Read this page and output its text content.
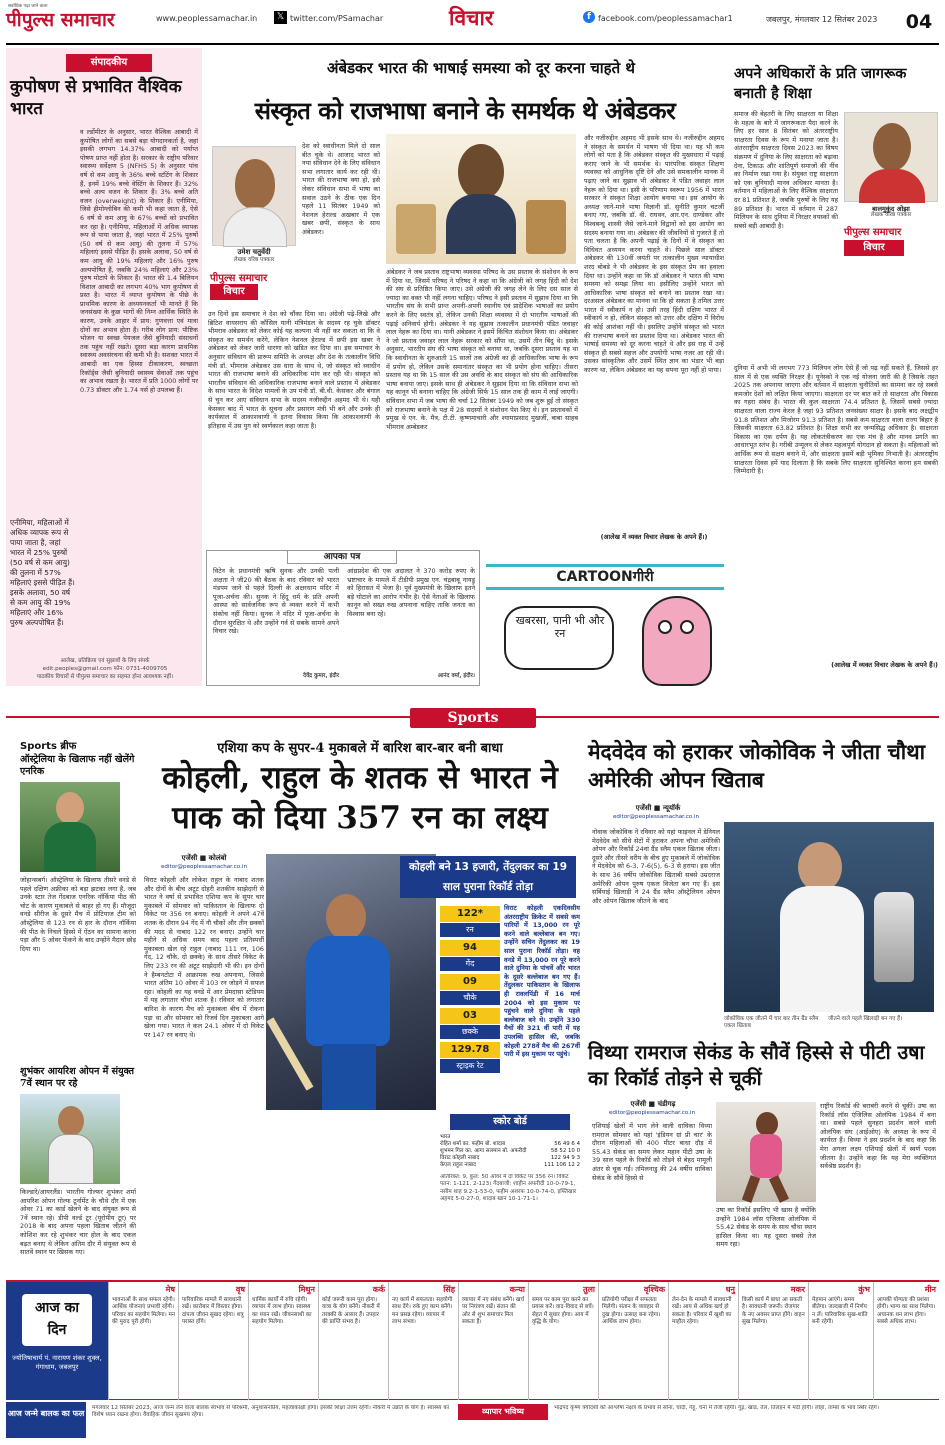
पीपुल्स समाचार
सर्वाधिक पढ़ा जाने वाला
www.peoplessamachar.in	𝕏 twitter.com/PSamachar	विचार	f facebook.com/peoplessamachar1	जबलपुर, मंगलवार 12 सितंबर 2023	04
संपादकीय
कुपोषण से प्रभावित वैश्विक भारत
व र्ल्डोमीटर के अनुसार, भारत वैश्विक आबादी में कुपोषित लोगों का सबसे बड़ा योगदानकर्ता है, जहां इसकी लगभग 14.37% आबादी को पर्याप्त पोषण प्राप्त नहीं होता है। सरकार के राष्ट्रीय परिवार स्वास्थ्य सर्वेक्षण 5 (NFHS 5) के अनुसार पांच वर्ष से कम आयु के 36% बच्चे स्टंटिंग के शिकार हैं, इनमें 19% बच्चे वेस्टिंग के शिकार हैं। 32% बच्चे अल्प वजन के शिकार हैं। 3% बच्चे अति वजन (overweight) के शिकार हैं। एनीमिया, जिसे हीमोग्लोबिन की कमी भी कहा जाता है, ऐसे 6 वर्ष से कम आयु के 67% बच्चों को प्रभावित कर रहा है। एनीमिया, महिलाओं में अधिक व्यापक रूप से पाया जाता है, जहां भारत में 25% पुरुषों (50 वर्ष से कम आयु) की तुलना में 57% महिलाएं इससे पीड़ित हैं। इसके अलावा, 50 वर्ष से कम आयु की 19% महिलाएं और 16% पुरुष अल्पपोषित हैं, जबकि 24% महिलाएं और 23% पुरुष मोटापे के शिकार हैं। भारत की 1.4 बिलियन विशाल आबादी का लगभग 40% भाग कुपोषण से प्रस्त है। भारत में व्याप्त कुपोषण के पीछे के प्राथमिक कारण के अध्ययनकर्ता भी मानते हैं कि जनसंख्या के कुछ भागों की निम्न आर्थिक स्थिति के कारण, उनके आहार में प्राय: गुणवत्ता एवं मात्रा दोनों का अभाव होता है। गरीब लोग प्राय: पौष्टिक भोजन या स्वच्छ पेयजल जैसे बुनियादी संसाधनों तक पहुंच नहीं रखते। दूसरा बड़ा कारण प्राथमिक स्वास्थ्य अवसंरचना की कमी भी है। सशक्त भारत में आबादी का एक हिस्सा टीकाकरण, स्वच्छता रिकॉर्ड्स जैसी बुनियादी स्वास्थ्य सेवाओं तक पहुंच का अभाव रखता है। भारत में प्रति 1000 लोगों पर 0.73 डॉक्टर और 1.74 नर्स हो उपलब्ध हैं।
एनीमिया, महिलाओं में अधिक व्यापक रूप से पाया जाता है, जहां भारत में 25% पुरुषों (50 वर्ष से कम आयु) की तुलना में 57% महिलाएं इससे पीड़ित हैं। इसके अलावा, 50 वर्ष से कम आयु की 19% महिलाएं और 16% पुरुष अल्पपोषित हैं।
आलेख, प्रतिक्रिया एवं सुझावों के लिए संपर्क
edit.peoples@gmail.com फोन: 0731-4009705
पाठकीय विचारों से पीपुल्स समाचार का सहमत होना आवश्यक नहीं।
अंबेडकर भारत की भाषाई समस्या को दूर करना चाहते थे
संस्कृत को राजभाषा बनाने के समर्थक थे अंबेडकर
उमेश चतुर्वेदी
लेखक वरिष्ठ पत्रकार
पीपुल्स समाचार
विचार
देश को स्वाधीनता मिले दो साल बीत चुके थे। आजाद भारत को नया संविधान देने के लिए संविधान सभा लगातार कार्य कर रही थी। भारत की राजभाषा क्या हो, इसे लेकर संविधान सभा में भाषा का सवाल उठने के ठीक एक दिन पहले 11 सितंबर 1949 को नेशनल हेराल्ड अखबार में एक खबर छपी, संस्कृत के साथ अंबेडकर।
उन दिनों इस समाचार ने देश को चौंका दिया था। अंग्रेजी पढ़े-लिखे और ब्रिटिश वायसराय की कौंसिल यानी मंत्रिमंडल के सदस्य रह चुके डॉक्टर भीमराव अंबेडकर को लेकर कोई यह कल्पना भी नहीं कर सकता था कि वे संस्कृत का समर्थन करेंगे, लेकिन नेशनल हेराल्ड में छपी इस खबर ने अंबेडकर को लेकर जारी धारणा को खंडित कर दिया था। इस समाचार के अनुसार संविधान की प्रारूप समिति के अध्यक्ष और देश के तत्कालीन विधि मंत्री डॉ. भीमराव अंबेडकर उस धारा के साथ थे, जो संस्कृत को स्वाधीन भारत की राजभाषा बनाने की अधिकारिक मांग कर रही थी। संस्कृत को भारतीय संविधान की अधिकारिक राजभाषा बनाने वाले प्रस्ताव में अंबेडकर के साथ भारत के विदेश मामलों के उप मंत्री डॉ. बी.वी. केसकर और बंगाल से चुन कर आए संविधान सभा के सदस्य नजीरुद्दीन अहमद भी थे। यही केसकर बाद में भारत के सूचना और प्रसारण मंत्री भी बने और उनके ही कार्यकाल में आकाशवाणी ने इतना विकास किया कि आकाशवाणी के इतिहास में उस युग को स्वर्णकाल कहा जाता है।
अंबेडकर ने जब प्रस्ताव राष्ट्रभाषा व्यवस्था परिषद के उस प्रस्ताव के संशोधन के रूप में दिया था, जिसमें परिषद ने परिषद ने कहा था कि अंग्रेजी को जगह हिंदी को देश की संघ से प्रतिष्ठित किया जाए। उसे अंग्रेजी की जगह लेने के लिए दस साल से ज्यादा का वक्त भी नहीं लगना चाहिए। परिषद ने इसी प्रस्ताव में सुझाव दिया था कि भारतीय संघ के सभी प्रान्त अपनी-अपनी स्थानीय एवं प्रादेशिक भाषाओं का प्रयोग करने के लिए स्वतंत्र हों, लेकिन उनकी शिक्षा व्यवस्था में दो भारतीय भाषाओं की पढ़ाई अनिवार्य होगी। अंबेडकर ने यह सुझाव तत्कालीन प्रधानमंत्री पंडित जवाहर लाल नेहरू का दिया था। यानी अंबेडकर ने इसमें किंचित संशोधन किया था। अंबेडकर ने जो प्रस्ताव जवाहर लाल नेहरू सरकार को सौंपा था, उसमें तीन बिंदु थे। इसके अनुसार, भारतीय संघ की भाषा संस्कृत को बनाया था, जबकि दूसरा प्रस्ताव यह था कि स्वाधीनता के शुरुआती 15 सालों तक अंग्रेजी का ही आधिकारिक भाषा के रूप में प्रयोग हो, लेकिन उसके समानांतर संस्कृत का भी प्रयोग होना चाहिए। तीसरा प्रस्ताव यह था कि 15 साल की उस अवधि के बाद संस्कृत को संघ की आधिकारिक भाषा बनाया जाए। इसके साथ ही अंबेडकर ने सुझाव दिया था कि संविधान सभा को यह कानून भी बनाना चाहिए कि अंग्रेजी सिर्फ 15 साल तक ही काम में लाई जाएगी। संविधान सभा में जब भाषा की चर्चा 12 सितंबर 1949 को जब शुरू हुई तो संस्कृत को राजभाषा बनाने के पक्ष में 28 सदस्यों ने संशोधन पेश किए थे। इन प्रस्तावकों में प्रमुख थे एन. के. मैत्र, टी.टी. कृष्णमाचारी और श्यामाप्रसाद मुखर्जी, बाबा साहब भीमराव अम्बेडकर
और नजीरुद्दीन अहमद भी इसके साथ थे। नजीरुद्दीन अहमद ने संस्कृत के समर्थन में भाषण भी दिया था। यह भी कम लोगों को पता है कि अंबेडकर संस्कृत की मुख्यधारा में पढ़ाई कराए जाने के भी समर्थक थे। पारंपरिक संस्कृत शिक्षण व्यवस्था को आधुनिक दृष्टि देने और उसे समकालीन मानक में पढ़ाए जाने का सुझाव भी अंबेडकर ने पंडित जवाहर लाल नेहरू को दिया था। इसी के परिणाम स्वरूप 1956 में भारत सरकार ने संस्कृत शिक्षा आयोग बनाया था। इस आयोग के अध्यक्ष जाने-माने भाषा विज्ञानी डॉ. सुनीति कुमार चटर्जी बनाए गए, जबकि डॉ. वी. राघवन, आर.एन. दाण्डेकर और विश्वबन्धु शास्त्री जैसे जाने-माने विद्वानों को इस आयोग का सदस्य बनाया गया था। अंबेडकर की जीवनियों से गुजरते हैं तो पता चलता है कि अपनी पढ़ाई के दिनों में वे संस्कृत का विधिवत अध्ययन करना चाहते थे। पिछले साल डॉक्टर अंबेडकर की 130वीं जयंती पर तत्कालीन मुख्य न्यायाधीश शरद बोबडे ने भी अंबेडकर के इस संस्कृत प्रेम का हवाला दिया था। उन्होंने कहा था कि डॉ अंबेडकर ने भारत की भाषा समस्या को समझ लिया था। इसीलिए उन्होंने भारत को आधिकारिक भाषा संस्कृत को बनाने का प्रस्ताव रखा था। दरअसल अंबेडकर का मानना था कि हो सकता है तमिल उत्तर भारत में स्वीकार्य न हो। उसी तरह हिंदी दक्षिण भारत में स्वीकार्य न हो, लेकिन संस्कृत को उत्तर और दक्षिण में विरोध की कोई आशंका नहीं थी। इसलिए उन्होंने संस्कृत को भारत की राजभाषा बनाने का प्रस्ताव दिया था। अंबेडकर भारत की भाषाई समस्या को दूर करना चाहते थे और इस राह में उन्हें संस्कृत ही सबसे सहज और उपयोगी भाषा नजर आ रही थी। उसका सांस्कृतिक और उसमें स्थित ज्ञान का भंडार भी बड़ा कारण था, लेकिन अंबेडकर का यह सपना पूरा नहीं हो पाया।
(आलेख में व्यक्त विचार लेखक के अपने हैं।)
आपका पत्र
विटेन के प्रधानमंत्री ऋषि सुनक और उनकी पत्नी अक्षता ने जी20 की बैठक के बाद रविवार को भारत मंडपम जाने से पहले दिल्ली के अक्षरधाम मंदिर में पूजा-अर्चना की। सुनक ने हिंदू धर्म के प्रति अपनी आस्था को सार्वजनिक रूप से व्यक्त करने में कभी संकोच नहीं किया। सुनक ने मंदिर में पूजा-अर्चना के दौरान सुरक्षित थे और उन्होंने गर्व से सबके सामने अपने विचार रखे।
देवेंद्र कुमार, इंदौर
आंध्रप्रदेश की एक अदालत ने 370 करोड़ रुपए के भ्रष्टाचार के मामले में टीडीपी प्रमुख एन. चंद्रबाबू नायडू को हिरासत में भेजा है। पूर्व मुख्यमंत्री के खिलाफ इतने बड़े घोटाले का आरोप गंभीर है। ऐसे नेताओं के खिलाफ कानून को सख्त रुख अपनाना चाहिए ताकि जनता का विश्वास बना रहे।
आनंद वर्मा, इंदौर।
CARTOONगीरी
खबरसा, पानी भी और रन
अपने अधिकारों के प्रति जागरूक बनाती है शिक्षा
समाज की बेहतरी के लिए साक्षरता या शिक्षा के महत्व के बारे में जागरूकता पैदा करने के लिए हर साल 8 सितंबर को अंतरराष्ट्रीय साक्षरता दिवस के रूप में मनाया जाता है। अंतरराष्ट्रीय साक्षरता दिवस 2023 का विषय संक्रमण में दुनिया के लिए साक्षरता को बढ़ावा देना, टिकाऊ और शांतिपूर्ण समाजों की नींव का निर्माण रखा गया है। संयुक्त राष्ट्र साक्षरता को एक बुनियादी मानव अधिकार मानता है। वर्तमान में महिलाओं के लिए वैश्विक साक्षरता दर 81 प्रतिशत है, जबकि पुरुषों के लिए यह 89 प्रतिशत है। भारत में वर्तमान में 287 मिलियन के साथ दुनिया में निरक्षर वयस्कों की सबसे बड़ी आबादी है।
बालमुकुंद ओझा
लेखक वरिष्ठ पत्रकार
पीपुल्स समाचार
विचार
दुनिया में अभी भी लगभग 773 मिलियन लोग ऐसे हैं जो पढ़ नहीं सकते हैं, जिससे हर साल में से एक व्यक्ति निरक्षर है। यूनेस्को ने एक नई योजना जारी की है जिसके तहत 2025 तक अपनाया जाएगा और वर्तमान में साक्षरता चुनौतियों का सामना कर रहे सबसे कमजोर देशों को लक्षित किया जाएगा। साक्षरता दर पर बात करें तो साक्षरता और विकास का गहरा संबंध है। भारत की कुल साक्षरता 74.4 प्रतिशत है, जिसमें सबसे ज्यादा साक्षरता वाला राज्य केरल है जहां 93 प्रतिशत जनसंख्या साक्षर है। इसके बाद लक्षद्वीप 91.8 प्रतिशत और मिजोरम 91.3 प्रतिशत है। सबसे कम साक्षरता वाला राज्य बिहार है जिसकी साक्षरता 63.82 प्रतिशत है। शिक्षा सभी का जन्मसिद्ध अधिकार है। साक्षरता विकास का एक दर्पण है। यह लोकतंत्रीकरण का एक मंच है और मानव प्रगति का आधारभूत स्तंभ है। गरीबी उन्मूलन से लेकर महत्वपूर्ण योगदान हो सकता है। महिलाओं को आर्थिक रूप से सक्षम बनाने में, और साक्षरता इसमें बड़ी भूमिका निभाती है। अंतरराष्ट्रीय साक्षरता दिवस हमें याद दिलाता है कि सबके लिए साक्षरता सुनिश्चित करना हम सबकी जिम्मेदारी है।
(आलेख में व्यक्त विचार लेखक के अपने हैं।)
Sports
Sports ब्रीफ
ऑस्ट्रेलिया के खिलाफ नहीं खेलेंगे एनरिक
जोहान्सबर्ग। ऑस्ट्रेलिया के खिलाफ तीसरे वनडे से पहले दक्षिण अफ्रीका को बड़ा झटका लगा है, जब उनके स्टार तेज गेंदबाज एनरिक नॉर्किया पीठ की चोट के कारण मुकाबले से बाहर हो गए हैं। मौजूदा वनडे सीरीज के दूसरे मैच में प्रोटियाज टीम को ऑस्ट्रेलिया से 123 रन से हार के दौरान नॉर्किया की पीठ के निचले हिस्से में ऐंठन का सामना करना पड़ा और 5 ओवर फेंकने के बाद उन्होंने मैदान छोड़ दिया था।
शुभंकर आयरिश ओपन में संयुक्त 7वें स्थान पर रहे
किल्डारे/आयरलैंड। भारतीय गोल्फर शुभंकर शर्मा आयरिश ओपन गोल्फ टूर्नामेंट के चौथे दौर में एक ओवर 71 का कार्ड खेलने के बाद संयुक्त रूप से 7वें स्थान रहे। डीपी वर्ल्ड टूर (यूरोपीय टूर) पर 2018 के बाद अपना पहला खिताब जीतने की कोशिश कर रहे शुभंकर चार होल के बाद एकल बढ़त बनाए थे लेकिन अंतिम दौर में संयुक्त रूप से सातवें स्थान पर खिसक गए।
एशिया कप के सुपर-4 मुकाबले में बारिश बार-बार बनी बाधा
कोहली, राहुल के शतक से भारत ने पाक को दिया 357 रन का लक्ष्य
एजेंसी ■ कोलंबो
editor@peoplessamachar.co.in	कोहली बने 13 हजारी, तेंदुलकर का 19 साल पुराना रिकॉर्ड तोड़ा
122*
रन
94
गेंद
09
चौके
03
छक्के
129.78
स्ट्राइक रेट
विराट कोहली एकदिवसीय अंतरराष्ट्रीय क्रिकेट में सबसे कम पारियों में 13,000 रन पूरे करने वाले बल्लेबाज बन गए। उन्होंने सचिन तेंदुलकर का 19 साल पुराना रिकॉर्ड तोड़ा। वह वनडे में 13,000 रन पूरे करने वाले दुनिया के पांचवें और भारत के दूसरे बल्लेबाज बन गए हैं। तेंदुलकर पाकिस्तान के खिलाफ ही रावलपिंडी में 16 मार्च 2004 को इस मुकाम पर पहुंचने वाले दुनिया के पहले बल्लेबाज बने थे। उन्होंने 330 मैचों की 321 वीं पारी में यह उपलब्धि हासिल की, जबकि कोहली 278वें मैच की 267वीं पारी में इस मुकाम पर पहुंचे।
विराट कोहली और लोकेश राहुल के नाबाद शतक और दोनों के बीच अटूट दोहरी शतकीय साझेदारी से भारत ने वर्षा से प्रभावित एशिया कप के सुपर चार मुकाबले में सोमवार को पाकिस्तान के खिलाफ दो विकेट पर 356 रन बनाए। कोहली ने अपने 47वें शतक के दौरान 94 गेंद में नौ चौकों और तीन छक्कों की मदद से नाबाद 122 रन बनाए। उन्होंने चार महीने से अधिक समय बाद पहला प्रतिस्पर्धी मुकाबला खेल रहे राहुल (नाबाद 111 रन, 106 गेंद, 12 चौके, दो छक्के) के साथ तीसरे विकेट के लिए 233 रन की अटूट साझेदारी भी की। इन दोनों ने हैम्बनटोटा में आक्रामक रुख अपनाया, जिससे भारत अंतिम 10 ओवर में 103 रन जोड़ने में सफल रहा। कोहली का यह वनडे में आर प्रेमदासा स्टेडियम में यह लगातार चौथा शतक है। रविवार को लगातार बारिश के कारण मैच को मुकाबला बीच में रोकना पड़ा था और सोमवार को रिजर्व दिन मुकाबला आगे खेला गया। भारत ने कल 24.1 ओवर में दो विकेट पर 147 रन बनाए थे।
स्कोर बोर्ड
भारत
रोहित शर्मा का. फहीम बो. शादाब	56 49 6 4
शुभमन गिल का. आगा सलमान बो. अफरीदी	58 52 10 0
विराट कोहली नाबाद	122 94 9 3
केएल राहुल नाबाद	111 106 12 2
अतिरिक्त: 9, कुल: 50 ओवर में दो विकेट पर 356 रन। विकेट पतन: 1-121, 2-123। गेंदबाजी: शाहीन अफरीदी 10-0-79-1, नसीम शाह 9.2-1-53-0, फहीम अशरफ 10-0-74-0, इफ्तिखार अहमद 5-0-27-0, शादाब खान 10-1-71-1।
मेदवेदेव को हराकर जोकोविक ने जीता चौथा अमेरिकी ओपन खिताब
एजेंसी ■ न्यूयॉर्क
editor@peoplessamachar.co.in
नोवाक जोकोविक ने रविवार को यहां फाइनल में डेनियल मेदवेदेव को सीधे सेटों में हराकर अपना चौथा अमेरिकी ओपन और रिकॉर्ड 24वां ग्रैंड स्लैम एकल खिताब जीता। दूसरे और तीसरे वरीय के बीच हुए मुकाबले में जोकोविक ने मेदवेदेव को 6-3, 7-6(5), 6-3 से हराया। इस जीत के साथ 36 वर्षीय जोकोविक खिताबी सबसे उम्रदराज अमेरिकी ओपन पुरुष एकल विजेता बन गए हैं। इस सर्बियाई खिलाड़ी ने 24 ग्रैंड स्लैम ऑस्ट्रेलियन ओपन और ओपन खिताब जीतने के बाद
जोकोविक एक जीतने में चार बार तीन ग्रैंड स्लैम एकल खिताब
जीतने वाले पहले खिलाड़ी बन गए हैं।
विथ्या रामराज सेकंड के सौवें हिस्से से पीटी उषा का रिकॉर्ड तोड़ने से चूकीं
एजेंसी ■ चंडीगढ़
editor@peoplessamachar.co.in
एशियाई खेलों में भाग लेने वाली धाविका विथ्या रामराज सोमवार को यहां 'इंडियन ग्रां प्री चार' के दौरान महिलाओं की 400 मीटर बाधा दौड़ में 55.43 सेकंड का समय लेकर महान पीटी उषा के 39 साल पहले के रिकॉर्ड को तोड़ने से बेहद मामूली अंतर से चूक गईं। तमिलनाडु की 24 वर्षीय धाविका सेकंड के सौवें हिस्से से
उषा का रिकॉर्ड इसलिए भी खास है क्योंकि उन्होंने 1984 लॉस एंजिलस ओलंपिक में 55.42 सेकंड के समय के साथ चौथा स्थान हासिल किया था। यह दूसरा सबसे तेज समय रहा।
राष्ट्रीय रिकॉर्ड की बराबरी करने से चूकीं। उषा का रिकॉर्ड लॉस एंजिलिस ओलंपिक 1984 में बना था। सबसे पहले सुनहरा प्रदर्शन करने वाली ओलंपिक संघ (आईओए) के अध्यक्ष के रूप में कार्यरत हैं। विथ्या ने इस प्रदर्शन के बाद कहा कि मेरा अगला लक्ष्य एशियाई खेलों में स्वर्ण पदक जीतना है। उन्होंने कहा कि यह मेरा व्यक्तिगत सर्वश्रेष्ठ प्रदर्शन है।
आज का
दिन
ज्योतिषाचार्य पं. नारायण शंकर शुक्ल, गंगाधाम, जबलपुर
मेष
भावनाओं के साथ सफल रहेगी। आर्थिक योजनाएं प्रभावी रहेंगी। परिवार का सहयोग मिलेगा। मन की मुराद पूरी होगी।
वृष
पारिवारिक मामले में सावधानी रखें। कारोबार में विस्तार होगा। दांपत्य जीवन सुखद रहेगा। शत्रु परास्त होंगे।
मिथुन
धार्मिक कार्यों में रुचि रहेगी। व्यापार में लाभ होगा। स्वास्थ्य का ध्यान रखें। जीवनसाथी का सहयोग मिलेगा।
कर्क
कोई जरूरी काम पूरा होगा। यात्रा के योग बनेंगे। नौकरी में तरक्की के आसार हैं। उपहार की प्राप्ति संभव है।
सिंह
नए कार्य में सफलता। सहयोगी साथ देंगे। रुके हुए काम बनेंगे। मन प्रसन्न रहेगा। व्यापार में लाभ संभव।
कन्या
व्यापार में नए संबंध बनेंगे। खर्च पर नियंत्रण रखें। संतान की ओर से शुभ समाचार मिल सकता है।
तुला
समय पर काम पूरा करने का प्रयास करें। वाद-विवाद से बचें। सेहत में सुधार होगा। आय में वृद्धि के योग।
वृश्चिक
प्रतियोगी परीक्षा में सफलता मिलेगी। संतान के व्यवहार से दुख होगा। उत्साह बना रहेगा। आर्थिक लाभ होगा।
धनु
लेन-देन के मामले में सावधानी रखें। आय से अधिक खर्च हो सकता है। परिवार में खुशी का माहौल रहेगा।
मकर
किसी कार्य में बाधा आ सकती है। सावधानी जरूरी। रोजगार के नए अवसर प्राप्त होंगे। वाहन सुख मिलेगा।
कुंभ
मेहमान आएंगे। समय बीतेगा। जल्दबाजी में निर्णय न लें। पारिवारिक सुख-शांति बनी रहेगी।
मीन
आपकी योग्यता की प्रशंसा होगी। भाग्य का साथ मिलेगा। अचानक धन लाभ होगा। सबसे अधिक लाभ।
आज जन्मे बालक का फल
मंगलवार 12 सितंबर 2023, आज जन्म लेने वाला बालक स्वभाव से परिश्रमी, अनुशासनप्रिय, महत्वाकांक्षी होगा। इसकी शिक्षा उत्तम रहेगी। नौकरी में उन्नति के योग हैं। स्वास्थ्य का विशेष ध्यान रखना होगा। वैवाहिक जीवन सुखमय रहेगा।	व्यापार भविष्य	भाद्रपद कृष्ण त्रयोदशी को आश्लेषा नक्षत्र के प्रभाव से सोना, चांदी, गेहूं, चना में तेजी रहेगी। गुड़, खांड, तेल, तिलहन में मंदी होगी। लोहा, ताम्बा के भाव स्थिर रहेंगे।
